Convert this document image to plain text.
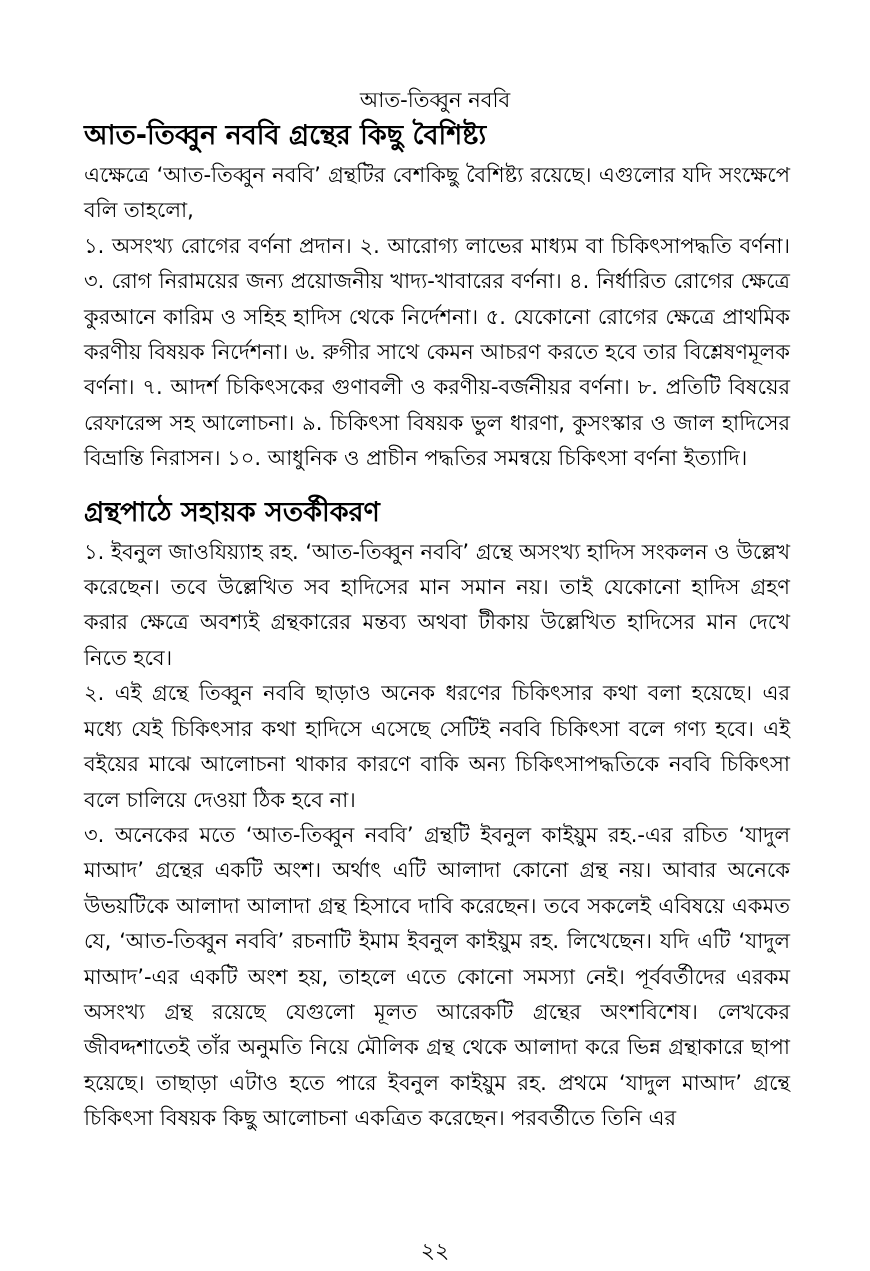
আত-তিব্বুন নববি
আত-তিব্বুন নববি গ্রন্থের কিছু বৈশিষ্ট্য

এক্ষেত্রে ‘আত-তিব্বুন নববি’ গ্রন্থটির বেশকিছু বৈশিষ্ট্য রয়েছে। এগুলোর যদি সংক্ষেপে বলি তাহলো,

১. অসংখ্য রোগের বর্ণনা প্রদান। ২. আরোগ্য লাভের মাধ্যম বা চিকিৎসাপদ্ধতি বর্ণনা। ৩. রোগ নিরাময়ের জন্য প্রয়োজনীয় খাদ্য-খাবারের বর্ণনা। ৪. নির্ধারিত রোগের ক্ষেত্রে কুরআনে কারিম ও সহিহ হাদিস থেকে নির্দেশনা। ৫. যেকোনো রোগের ক্ষেত্রে প্রাথমিক করণীয় বিষয়ক নির্দেশনা। ৬. রুগীর সাথে কেমন আচরণ করতে হবে তার বিশ্লেষণমূলক বর্ণনা। ৭. আদর্শ চিকিৎসকের গুণাবলী ও করণীয়-বর্জনীয়র বর্ণনা। ৮. প্রতিটি বিষয়ের রেফারেন্স সহ আলোচনা। ৯. চিকিৎসা বিষয়ক ভুল ধারণা, কুসংস্কার ও জাল হাদিসের বিভ্রান্তি নিরাসন। ১০. আধুনিক ও প্রাচীন পদ্ধতির সমন্বয়ে চিকিৎসা বর্ণনা ইত্যাদি।

গ্রন্থপাঠে সহায়ক সতর্কীকরণ

১. ইবনুল জাওযিয়্যাহ রহ. ‘আত-তিব্বুন নববি’ গ্রন্থে অসংখ্য হাদিস সংকলন ও উল্লেখ করেছেন। তবে উল্লেখিত সব হাদিসের মান সমান নয়। তাই যেকোনো হাদিস গ্রহণ করার ক্ষেত্রে অবশ্যই গ্রন্থকারের মন্তব্য অথবা টীকায় উল্লেখিত হাদিসের মান দেখে নিতে হবে।

২. এই গ্রন্থে তিব্বুন নববি ছাড়াও অনেক ধরণের চিকিৎসার কথা বলা হয়েছে। এর মধ্যে যেই চিকিৎসার কথা হাদিসে এসেছে সেটিই নববি চিকিৎসা বলে গণ্য হবে। এই বইয়ের মাঝে আলোচনা থাকার কারণে বাকি অন্য চিকিৎসাপদ্ধতিকে নববি চিকিৎসা বলে চালিয়ে দেওয়া ঠিক হবে না।

৩. অনেকের মতে ‘আত-তিব্বুন নববি’ গ্রন্থটি ইবনুল কাইয়ুম রহ.-এর রচিত ‘যাদুল মাআদ’ গ্রন্থের একটি অংশ। অর্থাৎ এটি আলাদা কোনো গ্রন্থ নয়। আবার অনেকে উভয়টিকে আলাদা আলাদা গ্রন্থ হিসাবে দাবি করেছেন। তবে সকলেই এবিষয়ে একমত যে, ‘আত-তিব্বুন নববি’ রচনাটি ইমাম ইবনুল কাইয়ুম রহ. লিখেছেন। যদি এটি ‘যাদুল মাআদ’-এর একটি অংশ হয়, তাহলে এতে কোনো সমস্যা নেই। পূর্ববর্তীদের এরকম অসংখ্য গ্রন্থ রয়েছে যেগুলো মূলত আরেকটি গ্রন্থের অংশবিশেষ। লেখকের জীবদ্দশাতেই তাঁর অনুমতি নিয়ে মৌলিক গ্রন্থ থেকে আলাদা করে ভিন্ন গ্রন্থাকারে ছাপা হয়েছে। তাছাড়া এটাও হতে পারে ইবনুল কাইয়ুম রহ. প্রথমে ‘যাদুল মাআদ’ গ্রন্থে চিকিৎসা বিষয়ক কিছু আলোচনা একত্রিত করেছেন। পরবর্তীতে তিনি এর

২২
